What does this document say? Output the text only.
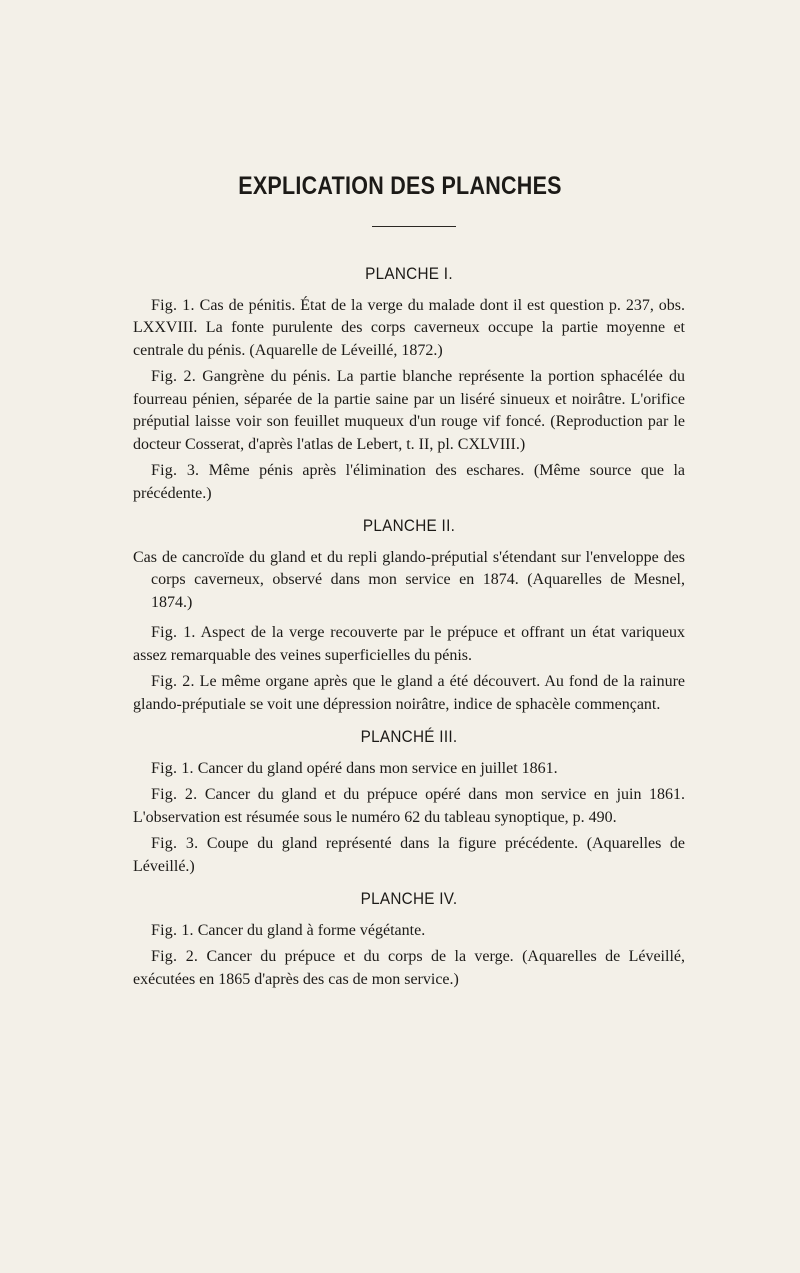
EXPLICATION DES PLANCHES
PLANCHE I.

Fig. 1. Cas de pénitis. État de la verge du malade dont il est question p. 237, obs. LXXVIII. La fonte purulente des corps caverneux occupe la partie moyenne et centrale du pénis. (Aquarelle de Léveillé, 1872.)

Fig. 2. Gangrène du pénis. La partie blanche représente la portion sphacélée du fourreau pénien, séparée de la partie saine par un liséré sinueux et noirâtre. L'orifice préputial laisse voir son feuillet muqueux d'un rouge vif foncé. (Reproduction par le docteur Cosserat, d'après l'atlas de Lebert, t. II, pl. CXLVIII.)

Fig. 3. Même pénis après l'élimination des eschares. (Même source que la précédente.)

PLANCHE II.

Cas de cancroïde du gland et du repli glando-préputial s'étendant sur l'enveloppe des corps caverneux, observé dans mon service en 1874. (Aquarelles de Mesnel, 1874.)

Fig. 1. Aspect de la verge recouverte par le prépuce et offrant un état variqueux assez remarquable des veines superficielles du pénis.

Fig. 2. Le même organe après que le gland a été découvert. Au fond de la rainure glando-préputiale se voit une dépression noirâtre, indice de sphacèle commençant.

PLANCHÉ III.

Fig. 1. Cancer du gland opéré dans mon service en juillet 1861.

Fig. 2. Cancer du gland et du prépuce opéré dans mon service en juin 1861. L'observation est résumée sous le numéro 62 du tableau synoptique, p. 490.

Fig. 3. Coupe du gland représenté dans la figure précédente. (Aquarelles de Léveillé.)

PLANCHE IV.

Fig. 1. Cancer du gland à forme végétante.

Fig. 2. Cancer du prépuce et du corps de la verge. (Aquarelles de Léveillé, exécutées en 1865 d'après des cas de mon service.)
